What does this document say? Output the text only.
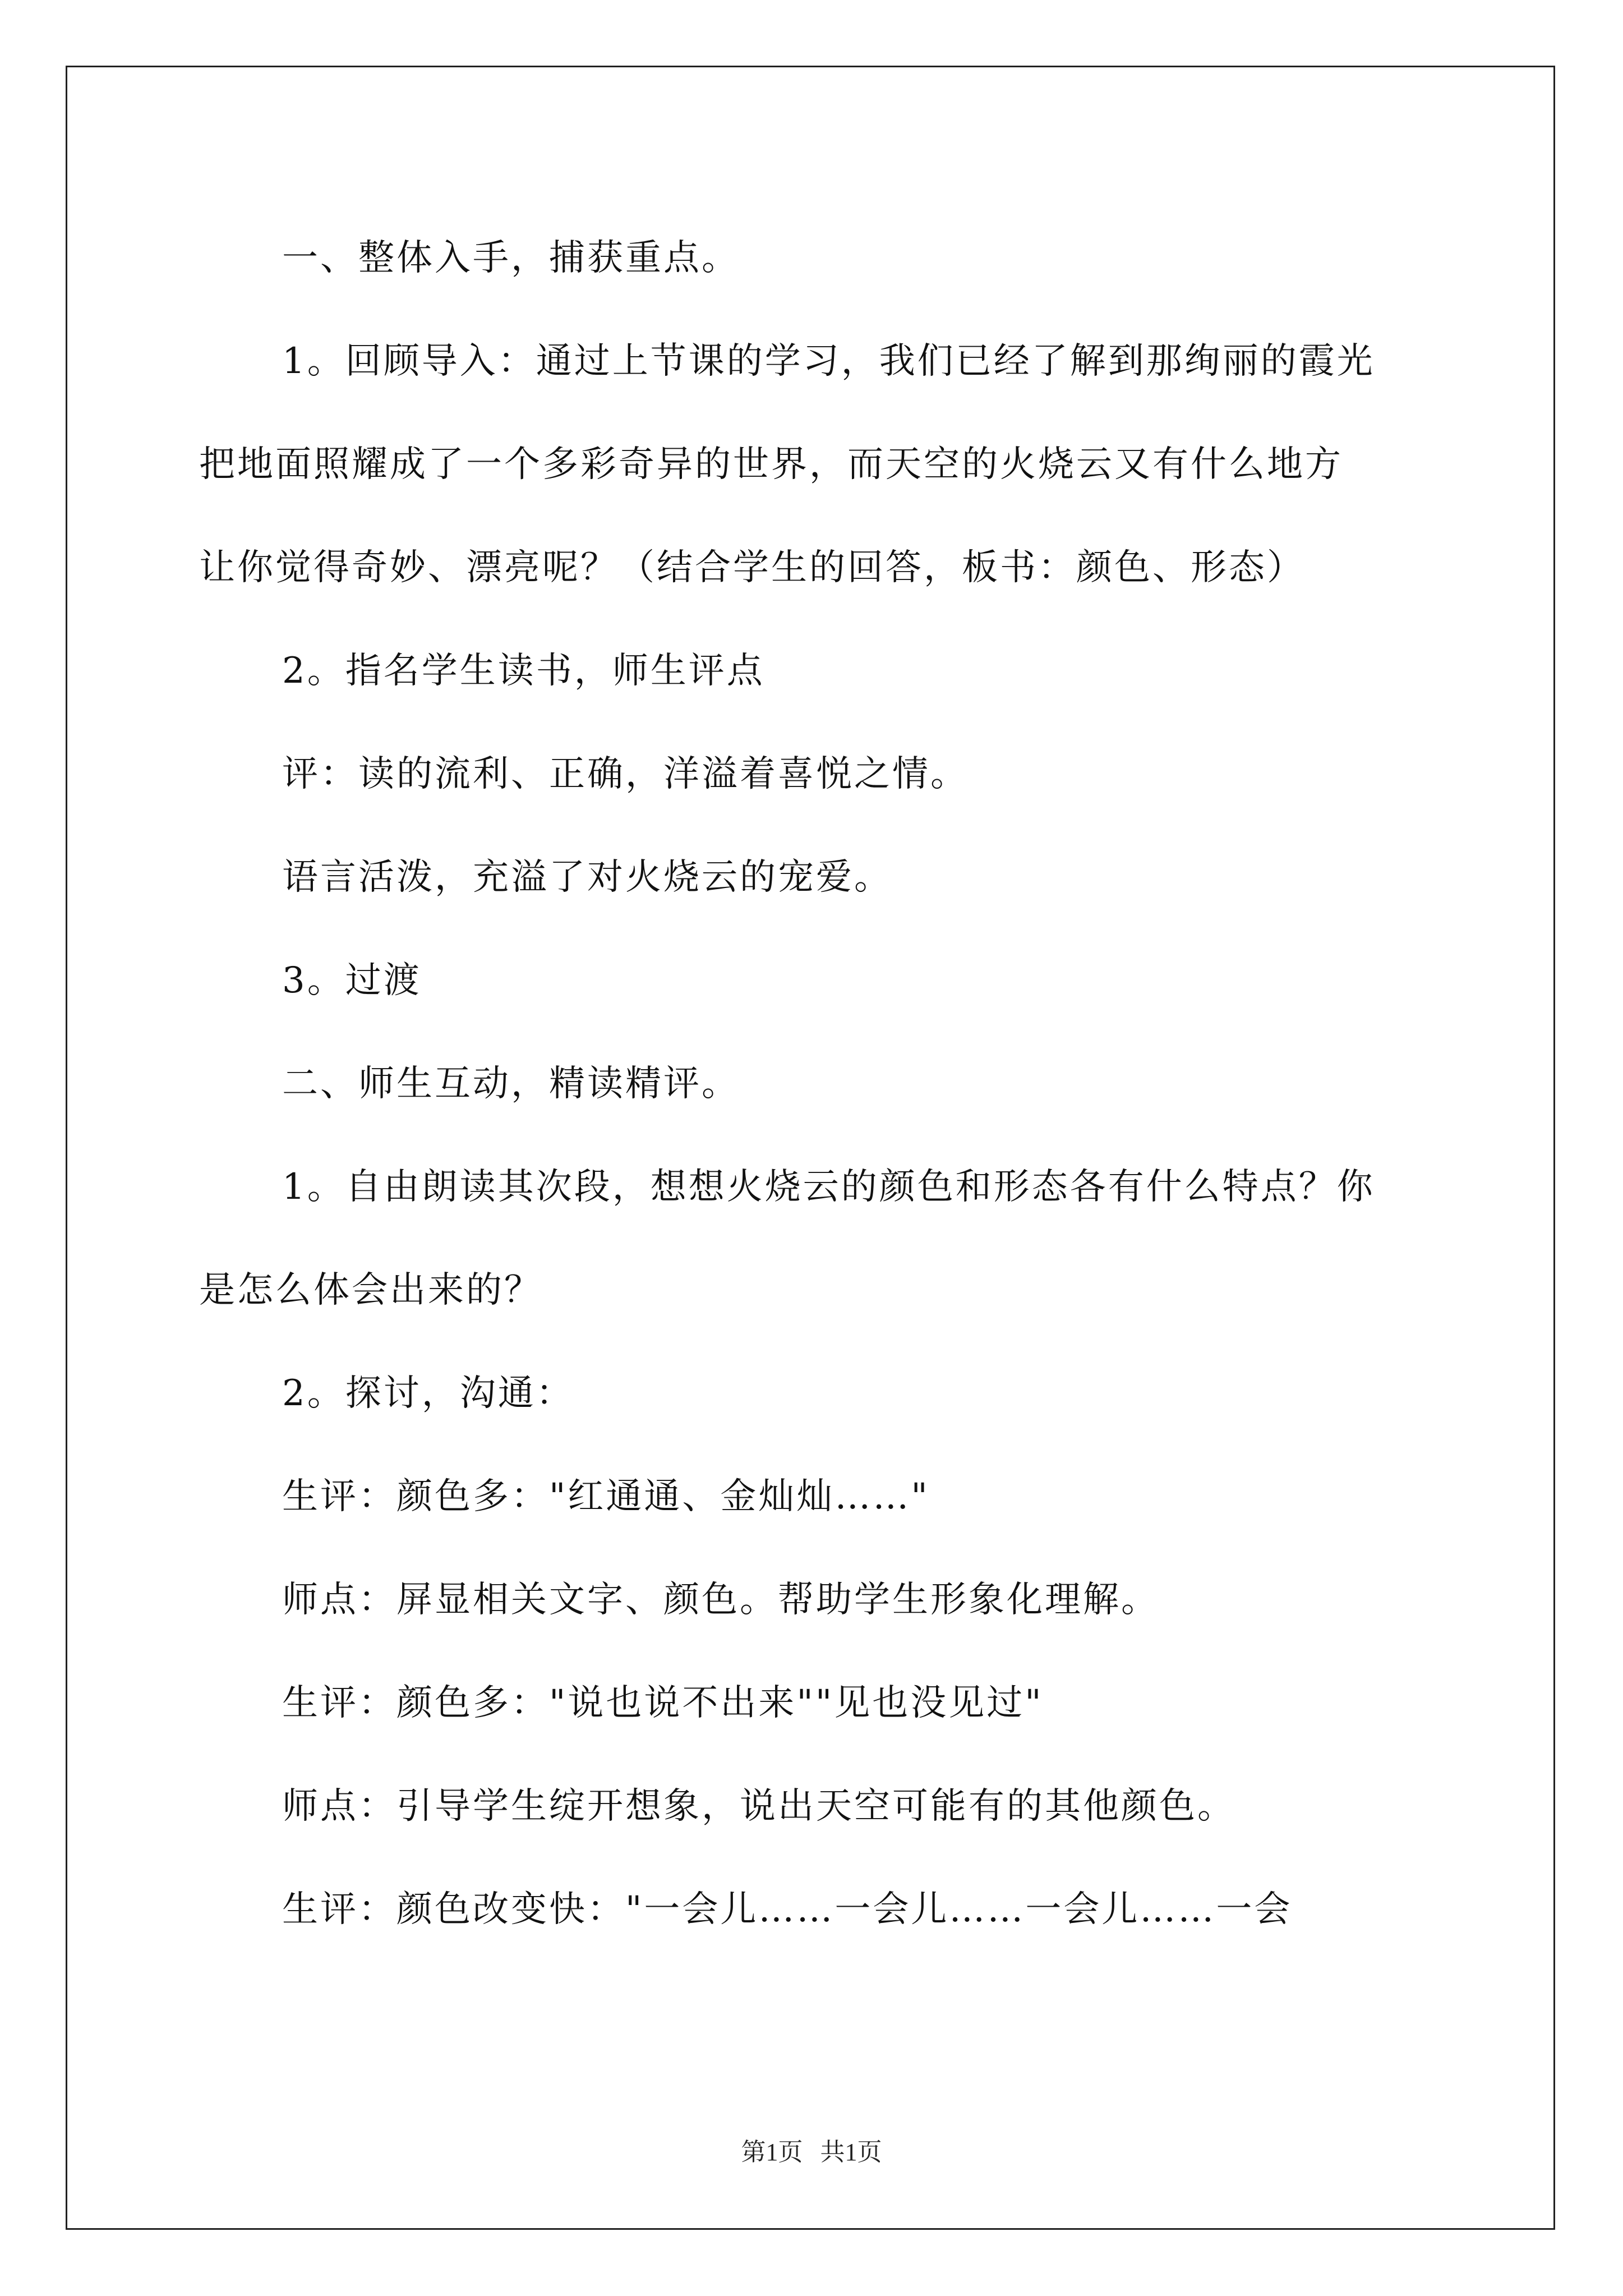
一、整体入手，捕获重点。

1。回顾导入：通过上节课的学习，我们已经了解到那绚丽的霞光

把地面照耀成了一个多彩奇异的世界，而天空的火烧云又有什么地方

让你觉得奇妙、漂亮呢？（结合学生的回答，板书：颜色、形态）

2。指名学生读书，师生评点

评：读的流利、正确，洋溢着喜悦之情。

语言活泼，充溢了对火烧云的宠爱。

3。过渡

二、师生互动，精读精评。

1。自由朗读其次段，想想火烧云的颜色和形态各有什么特点？你

是怎么体会出来的？

2。探讨，沟通：

生评：颜色多："红通通、金灿灿……"

师点：屏显相关文字、颜色。帮助学生形象化理解。

生评：颜色多："说也说不出来""见也没见过"

师点：引导学生绽开想象，说出天空可能有的其他颜色。

生评：颜色改变快："一会儿……一会儿……一会儿……一会

第1页 共1页
